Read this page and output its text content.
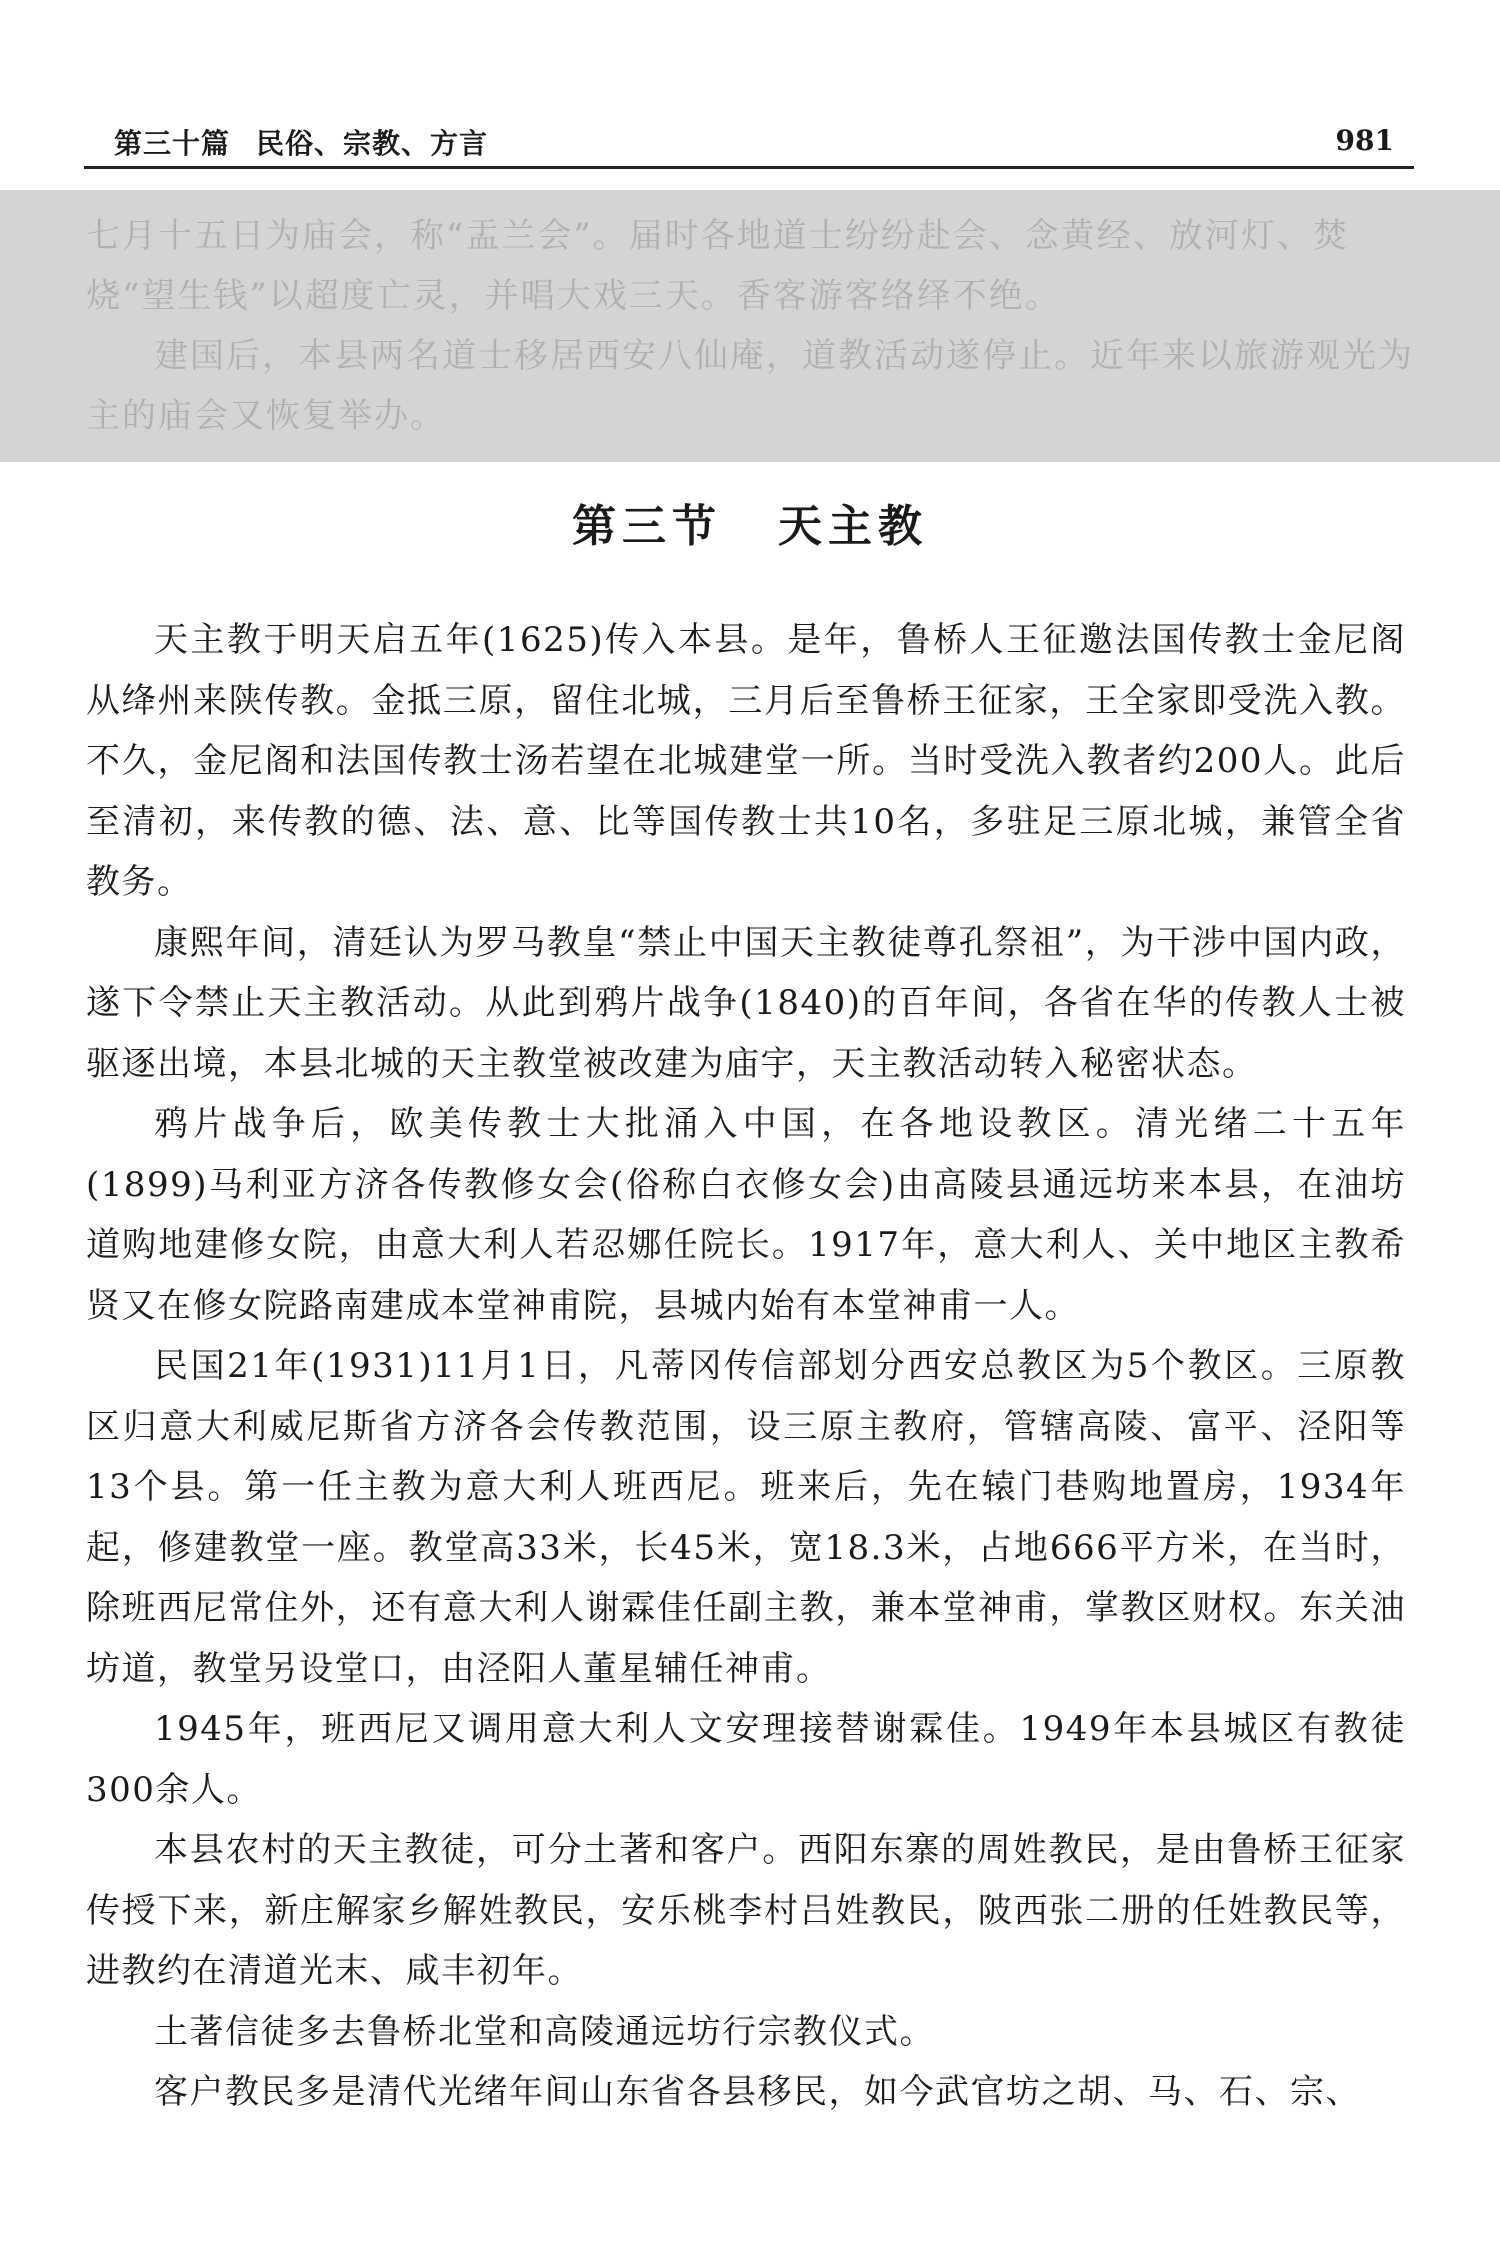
第三十篇 民俗、宗教、方言	981

七月十五日为庙会，称“盂兰会”。届时各地道士纷纷赴会、念黄经、放河灯、焚烧“望生钱”以超度亡灵，并唱大戏三天。香客游客络绎不绝。

建国后，本县两名道士移居西安八仙庵，道教活动遂停止。近年来以旅游观光为主的庙会又恢复举办。

第三节 天主教

天主教于明天启五年(1625)传入本县。是年，鲁桥人王征邀法国传教士金尼阁从绛州来陕传教。金抵三原，留住北城，三月后至鲁桥王征家，王全家即受洗入教。不久，金尼阁和法国传教士汤若望在北城建堂一所。当时受洗入教者约200人。此后至清初，来传教的德、法、意、比等国传教士共10名，多驻足三原北城，兼管全省教务。

康熙年间，清廷认为罗马教皇“禁止中国天主教徒尊孔祭祖”，为干涉中国内政，遂下令禁止天主教活动。从此到鸦片战争(1840)的百年间，各省在华的传教人士被驱逐出境，本县北城的天主教堂被改建为庙宇，天主教活动转入秘密状态。

鸦片战争后，欧美传教士大批涌入中国，在各地设教区。清光绪二十五年(1899)马利亚方济各传教修女会(俗称白衣修女会)由高陵县通远坊来本县，在油坊道购地建修女院，由意大利人若忍娜任院长。1917年，意大利人、关中地区主教希贤又在修女院路南建成本堂神甫院，县城内始有本堂神甫一人。

民国21年(1931)11月1日，凡蒂冈传信部划分西安总教区为5个教区。三原教区归意大利威尼斯省方济各会传教范围，设三原主教府，管辖高陵、富平、泾阳等13个县。第一任主教为意大利人班西尼。班来后，先在辕门巷购地置房，1934年起，修建教堂一座。教堂高33米，长45米，宽18.3米，占地666平方米，在当时，除班西尼常住外，还有意大利人谢霖佳任副主教，兼本堂神甫，掌教区财权。东关油坊道，教堂另设堂口，由泾阳人董星辅任神甫。

1945年，班西尼又调用意大利人文安理接替谢霖佳。1949年本县城区有教徒300余人。

本县农村的天主教徒，可分土著和客户。西阳东寨的周姓教民，是由鲁桥王征家传授下来，新庄解家乡解姓教民，安乐桃李村吕姓教民，陂西张二册的任姓教民等，进教约在清道光末、咸丰初年。

土著信徒多去鲁桥北堂和高陵通远坊行宗教仪式。

客户教民多是清代光绪年间山东省各县移民，如今武官坊之胡、马、石、宗、
